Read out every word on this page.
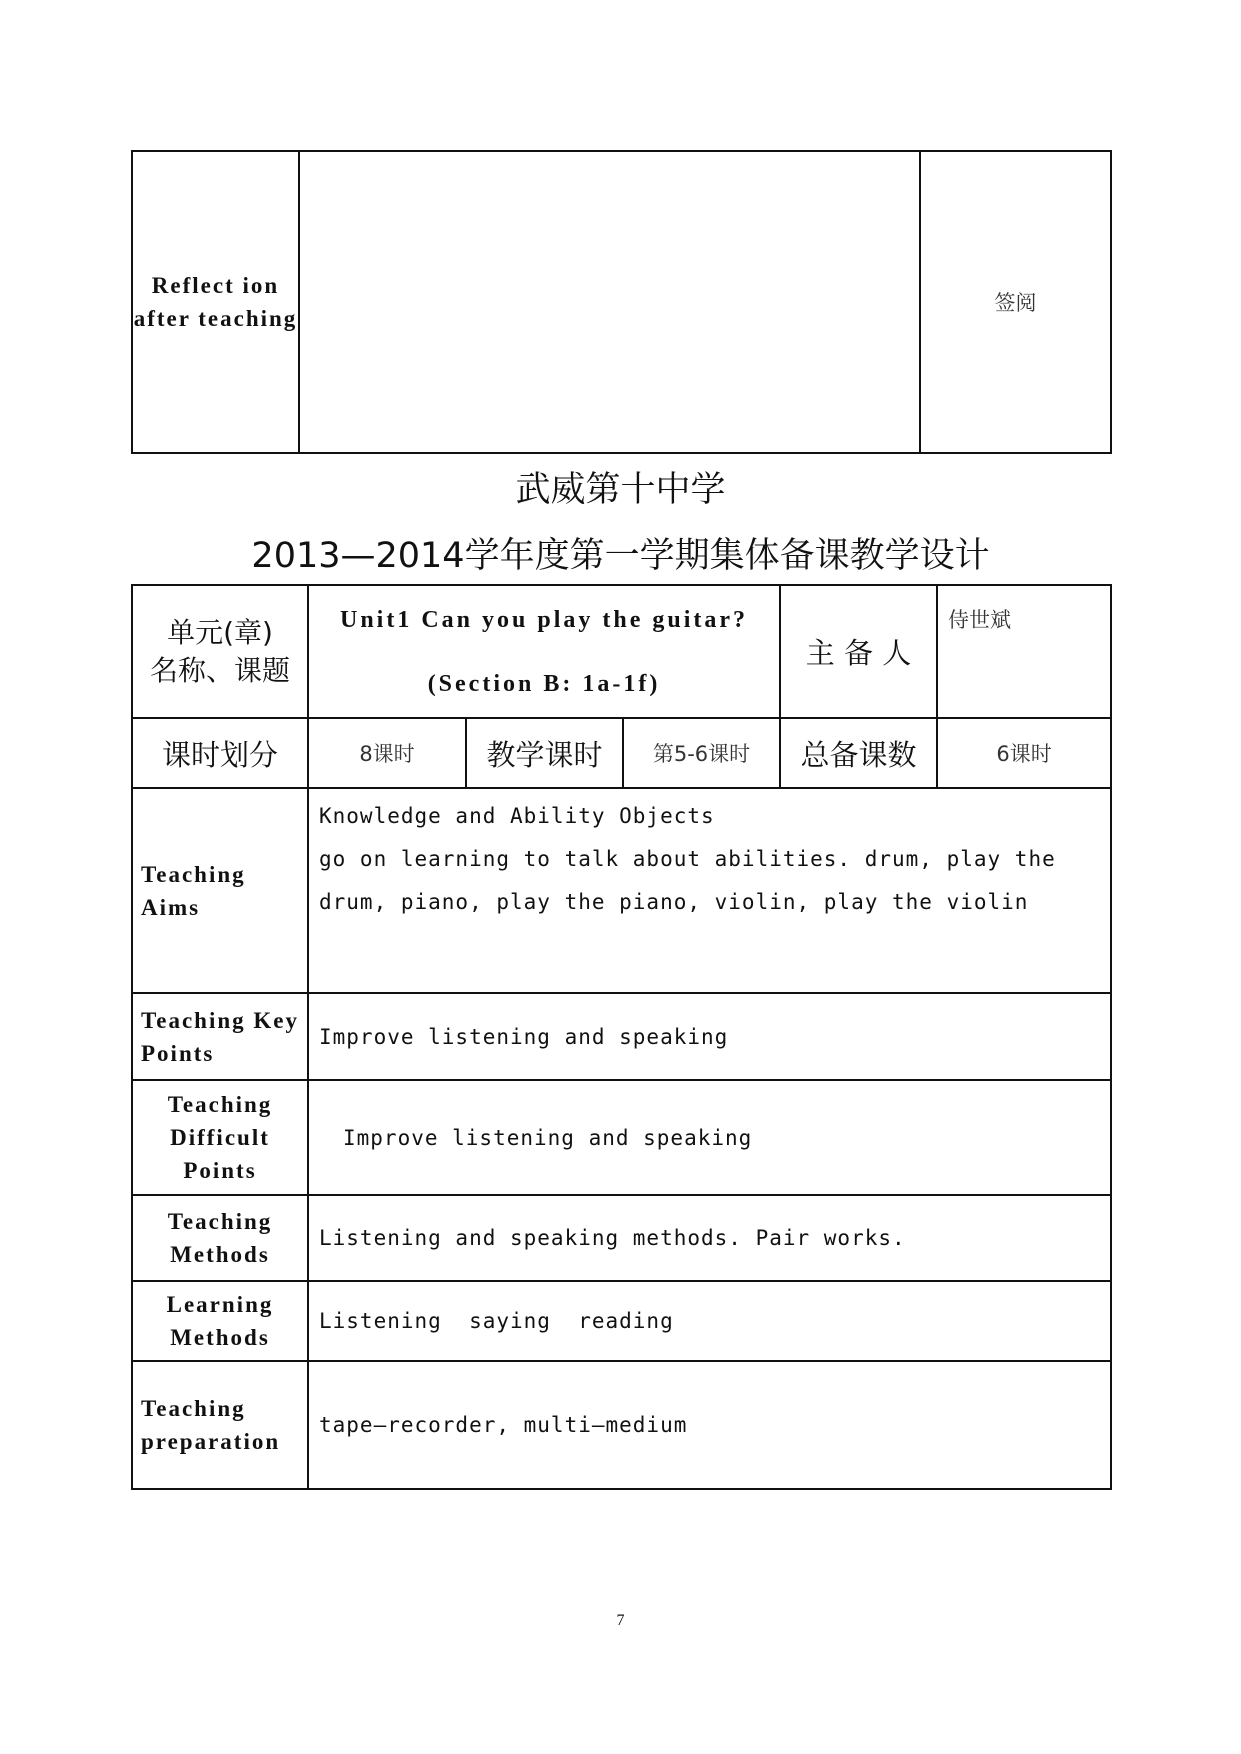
Reflect ion after teaching		签阅
武威第十中学
2013—2014学年度第一学期集体备课教学设计
单元(章)
名称、课题	Unit1 Can you play the guitar? (Section B: 1a-1f)			主 备 人	侍世斌
课时划分	8课时	教学课时	第5-6课时	总备课数	6课时
Teaching Aims	Knowledge and Ability Objects
go on learning to talk about abilities. drum, play the drum, piano, play the piano, violin, play the violin				
Teaching Key Points	Improve listening and speaking				
Teaching Difficult Points	Improve listening and speaking				
Teaching Methods	Listening and speaking methods. Pair works.				
Learning Methods	Listening  saying  reading				
Teaching preparation	tape—recorder, multi—medium				
7
